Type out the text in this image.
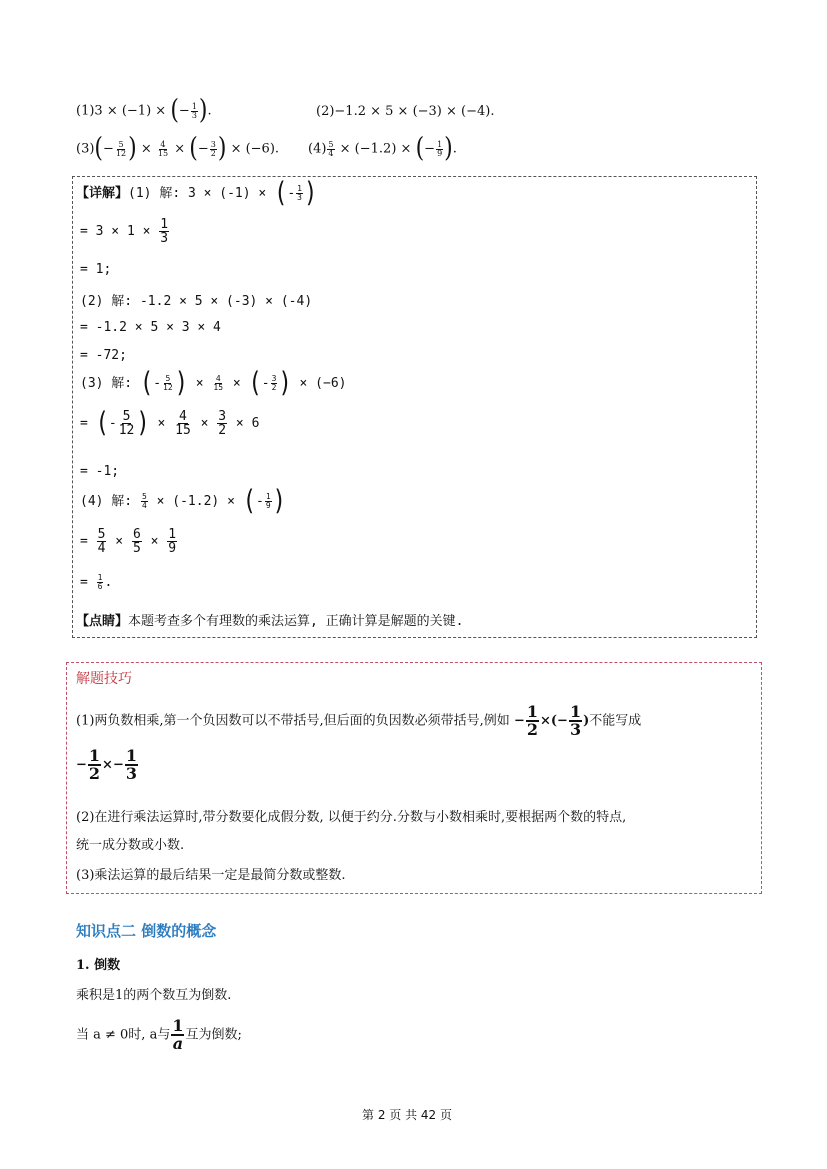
(1)3 × (−1) × (− $\frac{1}{3}$ ).	(2)−1.2 × 5 × (−3) × (−4).
$(3)(- \frac{5}{12}$ ) × $\frac{4}{15}$ × (− $\frac{3}{2}$ ) × (−6). $(4) \frac{5}{4} \times (-1.2)$ × (− $\frac{1}{9}$ ).
【详解】(1) 解: 3 × (-1) × (- $\frac{1}{3}$ )
= $3 \times 1 \times \frac{1}{3}$
= 1;
(2) 解: -1.2 × 5 × (-3) × (-4)
= -1.2 × 5 × 3 × 4
= -72;
(3) 解: (- $\frac{5}{12}$ ) × $\frac{4}{15}$ × (- $\frac{3}{2}$ ) × (−6)
= (- $\frac{5}{12}$ ) × $\frac{4}{15} \times \frac{3}{2} \times 6$
= -1;
(4) 解: $\frac{5}{4} \times (-1.2)$ × (- $\frac{1}{9}$ )
= $\frac{5}{4} \times \frac{6}{5} \times \frac{1}{9}$
= $\frac{1}{6}$ .
【点睛】本题考查多个有理数的乘法运算, 正确计算是解题的关键.
解题技巧
(1)两负数相乘,第一个负因数可以不带括号,但后面的负因数必须带括号,例如 − $\frac{1}{2}$ ×(− $\frac{1}{3}$ )不能写成
− $\frac{1}{2} \times- \frac{1}{3}$
(2)在进行乘法运算时,带分数要化成假分数, 以便于约分.分数与小数相乘时,要根据两个数的特点,
统一成分数或小数.
(3)乘法运算的最后结果一定是最简分数或整数.
知识点二 倒数的概念
1. 倒数
乘积是1的两个数互为倒数.
当 a ≠ 0时, a与 $\frac{1}{a}$ 互为倒数;
第 2 页 共 42 页
